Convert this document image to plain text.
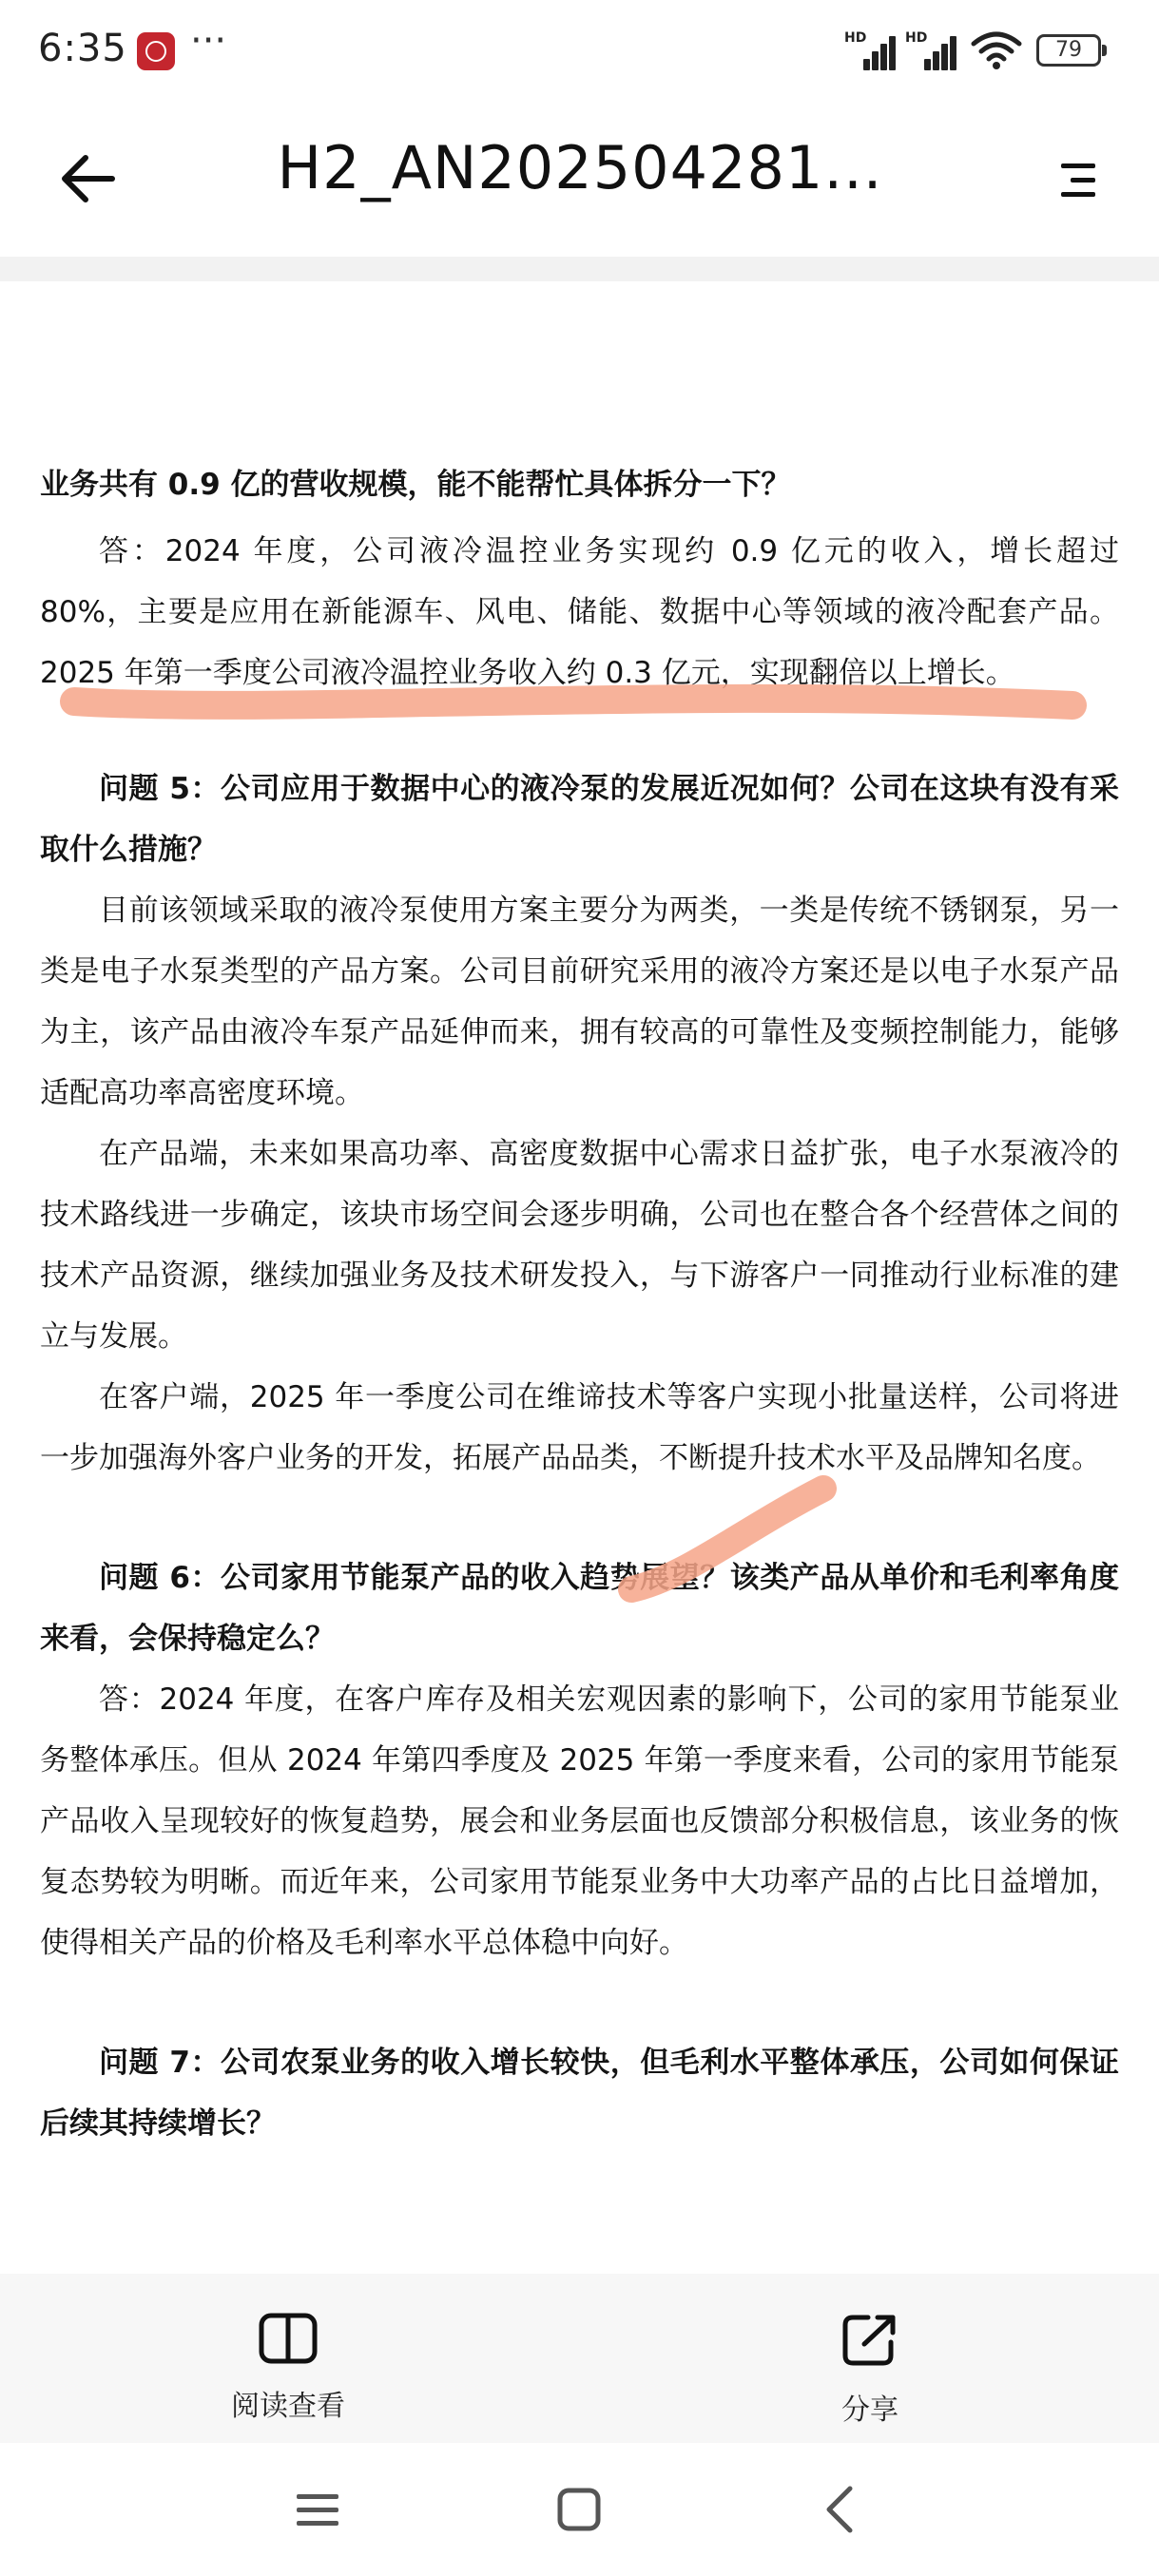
6:35 ···	HD	HD	79
H2_AN202504281...

业务共有 0.9 亿的营收规模，能不能帮忙具体拆分一下？

答：2024 年度，公司液冷温控业务实现约 0.9 亿元的收入，增长超过 80%，主要是应用在新能源车、风电、储能、数据中心等领域的液冷配套产品。2025 年第一季度公司液冷温控业务收入约 0.3 亿元，实现翻倍以上增长。

问题 5：公司应用于数据中心的液冷泵的发展近况如何？公司在这块有没有采取什么措施？

目前该领域采取的液冷泵使用方案主要分为两类，一类是传统不锈钢泵，另一类是电子水泵类型的产品方案。公司目前研究采用的液冷方案还是以电子水泵产品为主，该产品由液冷车泵产品延伸而来，拥有较高的可靠性及变频控制能力，能够适配高功率高密度环境。

在产品端，未来如果高功率、高密度数据中心需求日益扩张，电子水泵液冷的技术路线进一步确定，该块市场空间会逐步明确，公司也在整合各个经营体之间的技术产品资源，继续加强业务及技术研发投入，与下游客户一同推动行业标准的建立与发展。

在客户端，2025 年一季度公司在维谛技术等客户实现小批量送样，公司将进一步加强海外客户业务的开发，拓展产品品类，不断提升技术水平及品牌知名度。

问题 6：公司家用节能泵产品的收入趋势展望？该类产品从单价和毛利率角度来看，会保持稳定么？

答：2024 年度，在客户库存及相关宏观因素的影响下，公司的家用节能泵业务整体承压。但从 2024 年第四季度及 2025 年第一季度来看，公司的家用节能泵产品收入呈现较好的恢复趋势，展会和业务层面也反馈部分积极信息，该业务的恢复态势较为明晰。而近年来，公司家用节能泵业务中大功率产品的占比日益增加，使得相关产品的价格及毛利率水平总体稳中向好。

问题 7：公司农泵业务的收入增长较快，但毛利水平整体承压，公司如何保证后续其持续增长？

阅读查看	分享
